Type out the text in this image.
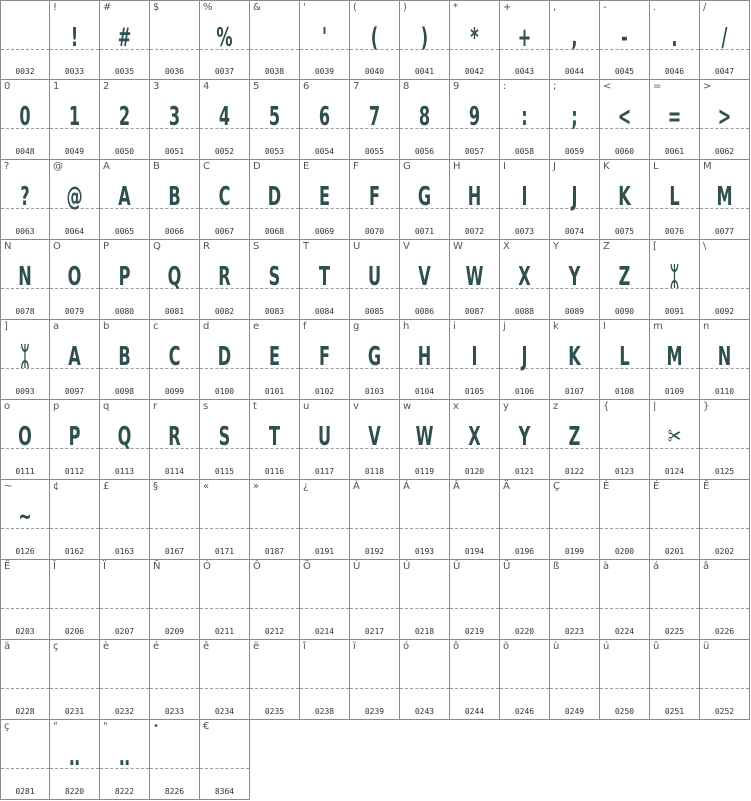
0032
!
!
0033
#
#
0035
$
0036
%
%
0037
&
0038
'
'
0039
(
(
0040
)
)
0041
*
*
0042
+
+
0043
,
,
0044
-
-
0045
.
.
0046
/
/
0047
0
0
0048
1
1
0049
2
2
0050
3
3
0051
4
4
0052
5
5
0053
6
6
0054
7
7
0055
8
8
0056
9
9
0057
:
:
0058
;
;
0059
<
<
0060
=
=
0061
>
>
0062
?
?
0063
@
@
0064
A
A
0065
B
B
0066
C
C
0067
D
D
0068
E
E
0069
F
F
0070
G
G
0071
H
H
0072
I
I
0073
J
J
0074
K
K
0075
L
L
0076
M
M
0077
N
N
0078
O
O
0079
P
P
0080
Q
Q
0081
R
R
0082
S
S
0083
T
T
0084
U
U
0085
V
V
0086
W
W
0087
X
X
0088
Y
Y
0089
Z
Z
0090
[
ᛯ
0091
\
0092
]
ᛯ
0093
a
A
0097
b
B
0098
c
C
0099
d
D
0100
e
E
0101
f
F
0102
g
G
0103
h
H
0104
i
I
0105
j
J
0106
k
K
0107
l
L
0108
m
M
0109
n
N
0110
o
O
0111
p
P
0112
q
Q
0113
r
R
0114
s
S
0115
t
T
0116
u
U
0117
v
V
0118
w
W
0119
x
X
0120
y
Y
0121
z
Z
0122
{
0123
|
✂
0124
}
0125
~
~
0126
¢
0162
£
0163
§
0167
«
0171
»
0187
¿
0191
À
0192
Á
0193
Â
0194
Ä
0196
Ç
0199
È
0200
É
0201
Ê
0202
Ë
0203
Î
0206
Ï
0207
Ñ
0209
Ó
0211
Ô
0212
Ö
0214
Ù
0217
Ú
0218
Û
0219
Ü
0220
ß
0223
à
0224
á
0225
â
0226
ä
0228
ç
0231
è
0232
é
0233
ê
0234
ë
0235
î
0238
ï
0239
ó
0243
ô
0244
ö
0246
ù
0249
ú
0250
û
0251
ü
0252
ç
0281
"
‥
8220
"
‥
8222
•
8226
€
8364
